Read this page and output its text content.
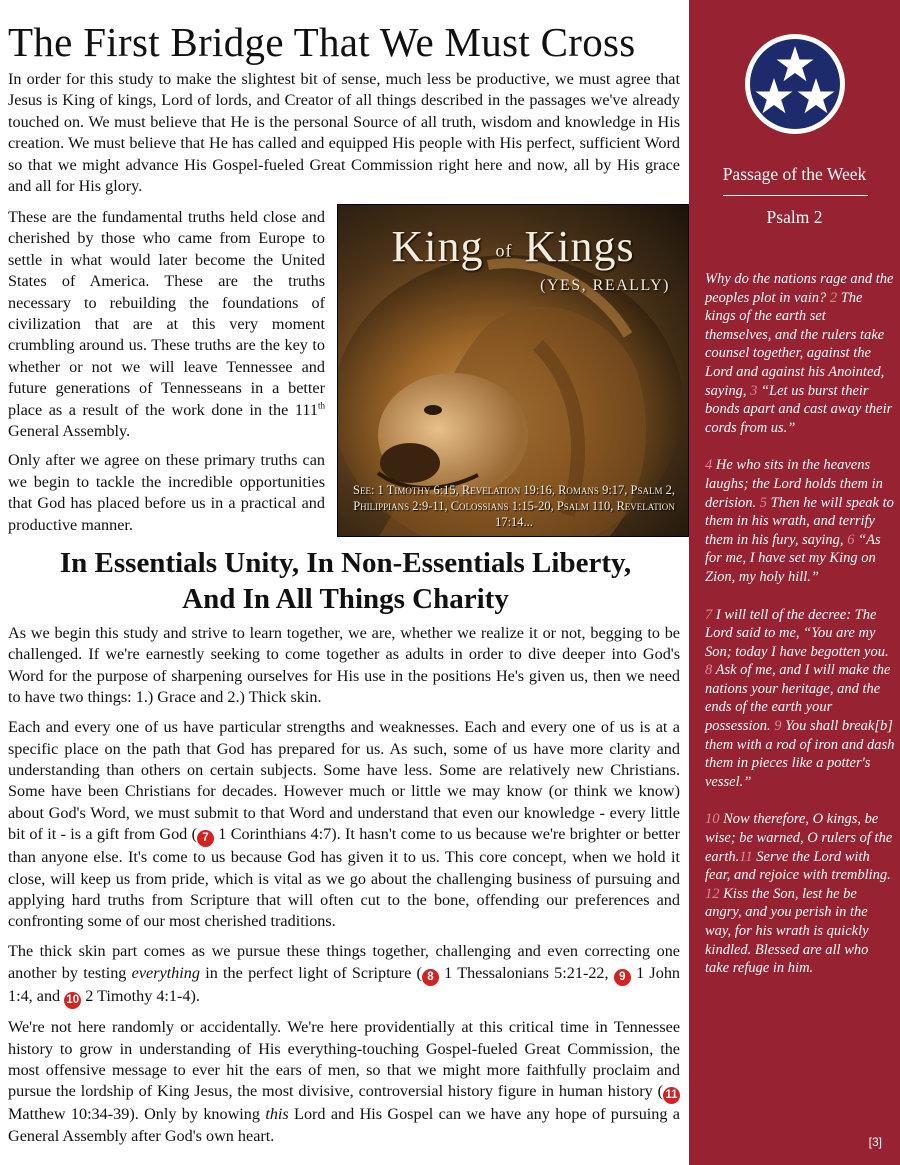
The First Bridge That We Must Cross

In order for this study to make the slightest bit of sense, much less be productive, we must agree that Jesus is King of kings, Lord of lords, and Creator of all things described in the passages we've already touched on. We must believe that He is the personal Source of all truth, wisdom and knowledge in His creation. We must believe that He has called and equipped His people with His perfect, sufficient Word so that we might advance His Gospel-fueled Great Commission right here and now, all by His grace and all for His glory.

These are the fundamental truths held close and cherished by those who came from Europe to settle in what would later become the United States of America. These are the truths necessary to rebuilding the foundations of civilization that are at this very moment crumbling around us. These truths are the key to whether or not we will leave Tennessee and future generations of Tennesseans in a better place as a result of the work done in the 111th General Assembly.

Only after we agree on these primary truths can we begin to tackle the incredible opportunities that God has placed before us in a practical and productive manner.

King of Kings
(YES, REALLY)
See: 1 Timothy 6:15, Revelation 19:16, Romans 9:17, Psalm 2, Philippians 2:9-11, Colossians 1:15-20, Psalm 110, Revelation 17:14...
In Essentials Unity, In Non-Essentials Liberty,
And In All Things Charity

As we begin this study and strive to learn together, we are, whether we realize it or not, begging to be challenged. If we're earnestly seeking to come together as adults in order to dive deeper into God's Word for the purpose of sharpening ourselves for His use in the positions He's given us, then we need to have two things: 1.) Grace and 2.) Thick skin.

Each and every one of us have particular strengths and weaknesses. Each and every one of us is at a specific place on the path that God has prepared for us. As such, some of us have more clarity and understanding than others on certain subjects. Some have less. Some are relatively new Christians. Some have been Christians for decades. However much or little we may know (or think we know) about God's Word, we must submit to that Word and understand that even our knowledge - every little bit of it - is a gift from God ( 7 1 Corinthians 4:7). It hasn't come to us because we're brighter or better than anyone else. It's come to us because God has given it to us. This core concept, when we hold it close, will keep us from pride, which is vital as we go about the challenging business of pursuing and applying hard truths from Scripture that will often cut to the bone, offending our preferences and confronting some of our most cherished traditions.

The thick skin part comes as we pursue these things together, challenging and even correcting one another by testing everything in the perfect light of Scripture ( 8 1 Thessalonians 5:21-22, 9 1 John 1:4, and 10 2 Timothy 4:1-4).

We're not here randomly or accidentally. We're here providentially at this critical time in Tennessee history to grow in understanding of His everything-touching Gospel-fueled Great Commission, the most offensive message to ever hit the ears of men, so that we might more faithfully proclaim and pursue the lordship of King Jesus, the most divisive, controversial history figure in human history ( 11Matthew 10:34-39). Only by knowing this Lord and His Gospel can we have any hope of pursuing a General Assembly after God's own heart.

Passage of the Week
Psalm 2

Why do the nations rage and the peoples plot in vain? 2 The kings of the earth set themselves, and the rulers take counsel together, against the Lord and against his Anointed, saying, 3 “Let us burst their bonds apart and cast away their cords from us.”

4 He who sits in the heavens laughs; the Lord holds them in derision. 5 Then he will speak to them in his wrath, and terrify them in his fury, saying, 6 “As for me, I have set my King on Zion, my holy hill.”

7 I will tell of the decree: The Lord said to me, “You are my Son; today I have begotten you. 8 Ask of me, and I will make the nations your heritage, and the ends of the earth your possession. 9 You shall break[b] them with a rod of iron and dash them in pieces like a potter's vessel.”

10 Now therefore, O kings, be wise; be warned, O rulers of the earth.11 Serve the Lord with fear, and rejoice with trembling. 12 Kiss the Son, lest he be angry, and you perish in the way, for his wrath is quickly kindled. Blessed are all who take refuge in him.

[3]
